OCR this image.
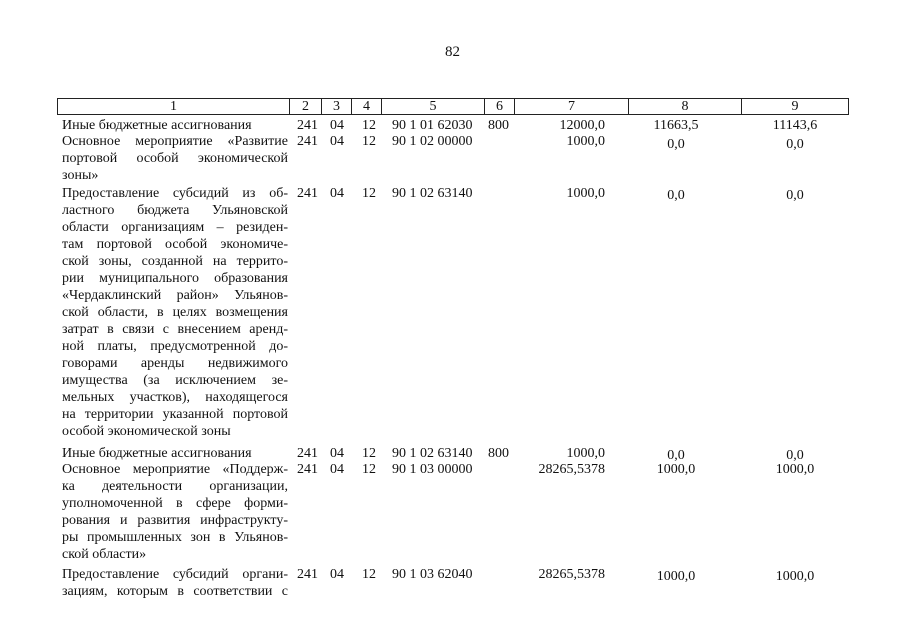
82
1	2	3	4	5	6	7	8	9
Иные бюджетные ассигнования	241 04 12 90 1 01 62030 800	12000,0	11663,5	11143,6
Основное мероприятие «Развитие
портовой особой экономической
зоны»
241 04 12 90 1 02 00000	1000,0	0,0	0,0
Предоставление субсидий из об-
ластного бюджета Ульяновской
области организациям – резиден-
там портовой особой экономиче-
ской зоны, созданной на террито-
рии муниципального образования
«Чердаклинский район» Ульянов-
ской области, в целях возмещения
затрат в связи с внесением аренд-
ной платы, предусмотренной до-
говорами аренды недвижимого
имущества (за исключением зе-
мельных участков), находящегося
на территории указанной портовой
особой экономической зоны
241 04 12 90 1 02 63140	1000,0	0,0	0,0
Иные бюджетные ассигнования	241 04 12 90 1 02 63140 800	1000,0	0,0	0,0
Основное мероприятие «Поддерж-
ка деятельности организации,
уполномоченной в сфере форми-
рования и развития инфраструкту-
ры промышленных зон в Ульянов-
ской области»
241 04 12 90 1 03 00000	28265,5378	1000,0	1000,0
Предоставление субсидий органи-
зациям, которым в соответствии с
241 04 12 90 1 03 62040	28265,5378	1000,0	1000,0
